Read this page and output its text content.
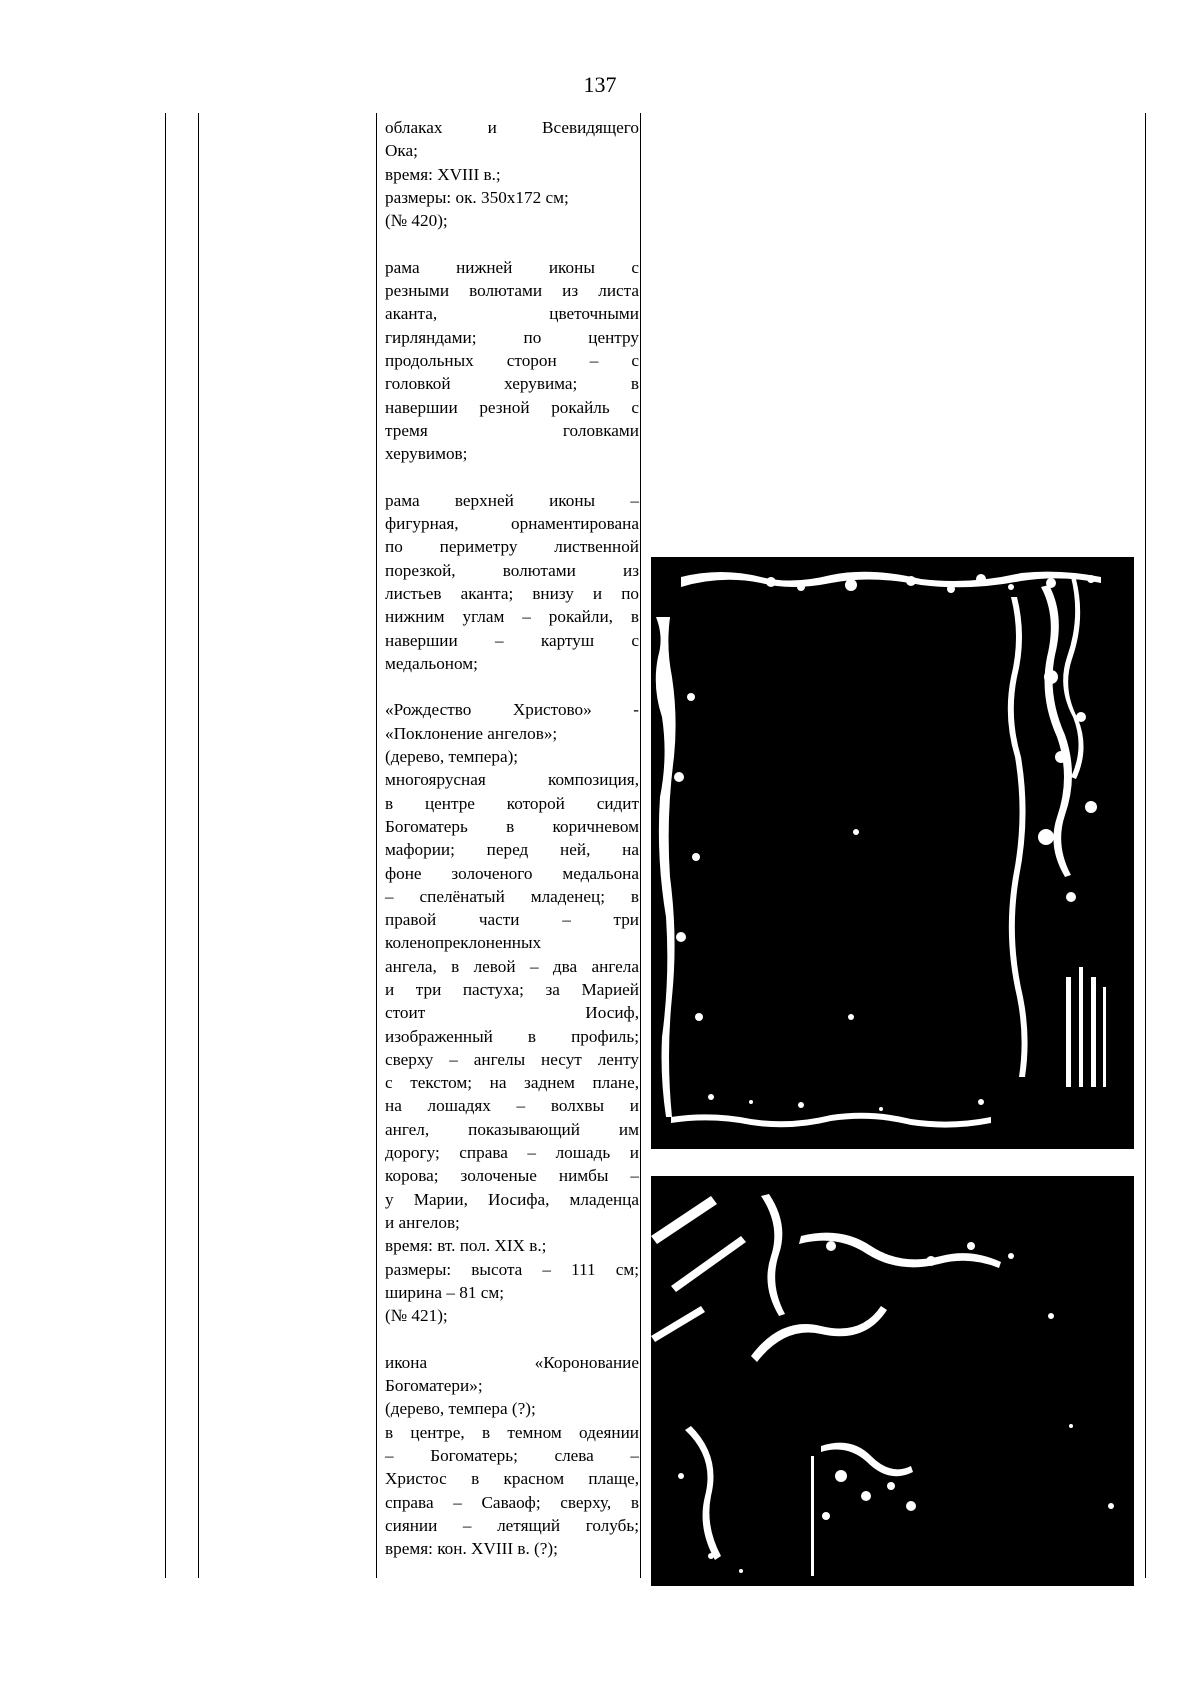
137

облаках и Всевидящего
Ока;
время: XVIII в.;
размеры: ок. 350х172 см;
(№ 420);

рама нижней иконы с
резными волютами из листа
аканта, цветочными
гирляндами; по центру
продольных сторон – с
головкой херувима; в
навершии резной рокайль с
тремя головками
херувимов;

рама верхней иконы –
фигурная, орнаментирована
по периметру лиственной
порезкой, волютами из
листьев аканта; внизу и по
нижним углам – рокайли, в
навершии – картуш с
медальоном;

«Рождество Христово» -
«Поклонение ангелов»;
(дерево, темпера);
многоярусная композиция,
в центре которой сидит
Богоматерь в коричневом
мафории; перед ней, на
фоне золоченого медальона
– спелёнатый младенец; в
правой части – три
коленопреклоненных
ангела, в левой – два ангела
и три пастуха; за Марией
стоит Иосиф,
изображенный в профиль;
сверху – ангелы несут ленту
с текстом; на заднем плане,
на лошадях – волхвы и
ангел, показывающий им
дорогу; справа – лошадь и
корова; золоченые нимбы –
у Марии, Иосифа, младенца
и ангелов;
время: вт. пол. XIX в.;
размеры: высота – 111 см;
ширина – 81 см;
(№ 421);

икона «Коронование
Богоматери»;
(дерево, темпера (?);
в центре, в темном одеянии
– Богоматерь; слева –
Христос в красном плаще,
справа – Саваоф; сверху, в
сиянии – летящий голубь;
время: кон. XVIII в. (?);
